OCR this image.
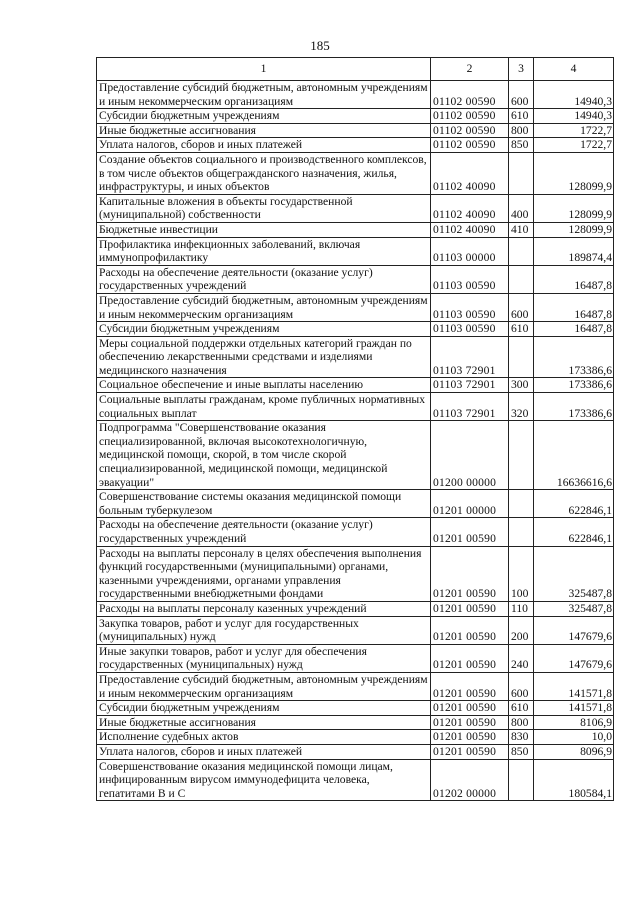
185
1	2	3	4
Предоставление субсидий бюджетным, автономным учреждениям и иным некоммерческим организациям	01102 00590	600	14940,3
Субсидии бюджетным учреждениям	01102 00590	610	14940,3
Иные бюджетные ассигнования	01102 00590	800	1722,7
Уплата налогов, сборов и иных платежей	01102 00590	850	1722,7
Создание объектов социального и производственного комплексов, в том числе объектов общегражданского назначения, жилья, инфраструктуры, и иных объектов	01102 40090		128099,9
Капитальные вложения в объекты государственной (муниципальной) собственности	01102 40090	400	128099,9
Бюджетные инвестиции	01102 40090	410	128099,9
Профилактика инфекционных заболеваний, включая иммунопрофилактику	01103 00000		189874,4
Расходы на обеспечение деятельности (оказание услуг) государственных учреждений	01103 00590		16487,8
Предоставление субсидий бюджетным, автономным учреждениям и иным некоммерческим организациям	01103 00590	600	16487,8
Субсидии бюджетным учреждениям	01103 00590	610	16487,8
Меры социальной поддержки отдельных категорий граждан по обеспечению лекарственными средствами и изделиями медицинского назначения	01103 72901		173386,6
Социальное обеспечение и иные выплаты населению	01103 72901	300	173386,6
Социальные выплаты гражданам, кроме публичных нормативных социальных выплат	01103 72901	320	173386,6
Подпрограмма "Совершенствование оказания специализированной, включая высокотехнологичную, медицинской помощи, скорой, в том числе скорой специализированной, медицинской помощи, медицинской эвакуации"	01200 00000		16636616,6
Совершенствование системы оказания медицинской помощи больным туберкулезом	01201 00000		622846,1
Расходы на обеспечение деятельности (оказание услуг) государственных учреждений	01201 00590		622846,1
Расходы на выплаты персоналу в целях обеспечения выполнения функций государственными (муниципальными) органами, казенными учреждениями, органами управления государственными внебюджетными фондами	01201 00590	100	325487,8
Расходы на выплаты персоналу казенных учреждений	01201 00590	110	325487,8
Закупка товаров, работ и услуг для государственных (муниципальных) нужд	01201 00590	200	147679,6
Иные закупки товаров, работ и услуг для обеспечения государственных (муниципальных) нужд	01201 00590	240	147679,6
Предоставление субсидий бюджетным, автономным учреждениям и иным некоммерческим организациям	01201 00590	600	141571,8
Субсидии бюджетным учреждениям	01201 00590	610	141571,8
Иные бюджетные ассигнования	01201 00590	800	8106,9
Исполнение судебных актов	01201 00590	830	10,0
Уплата налогов, сборов и иных платежей	01201 00590	850	8096,9
Совершенствование оказания медицинской помощи лицам, инфицированным вирусом иммунодефицита человека, гепатитами В и С	01202 00000		180584,1
